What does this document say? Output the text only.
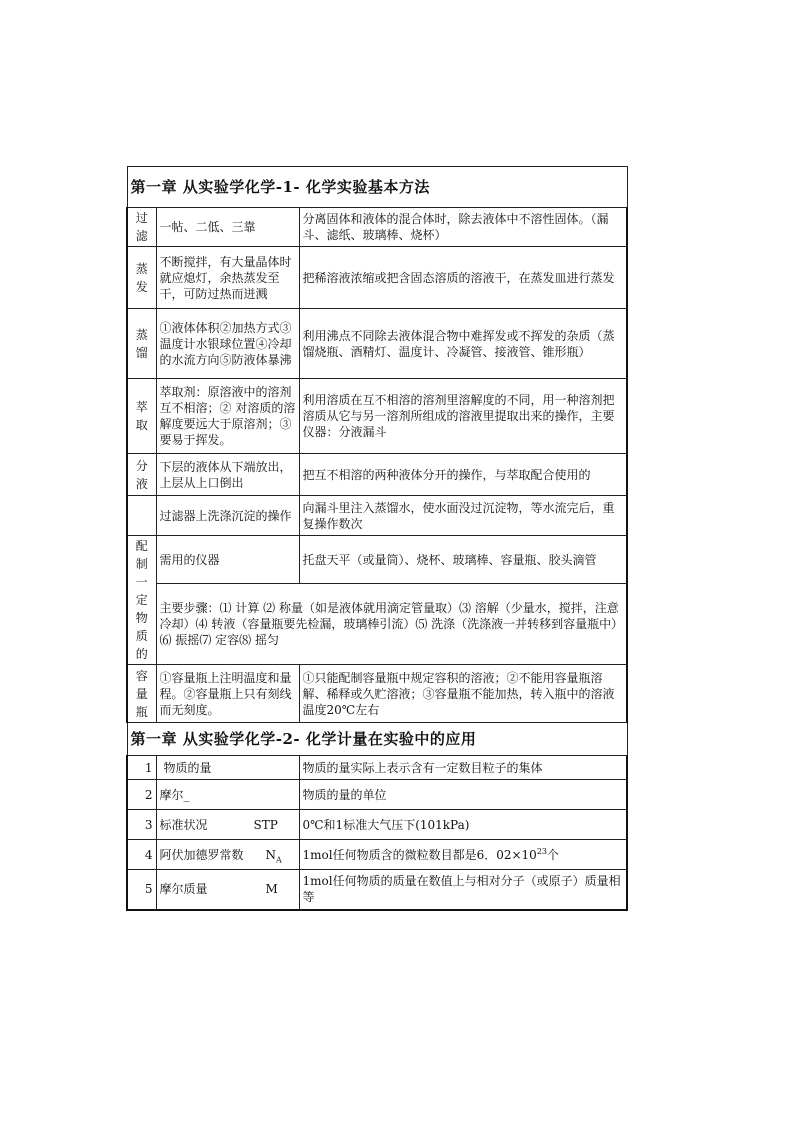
第一章 从实验学化学-1- 化学实验基本方法		

过滤	一帖、二低、三靠	分离固体和液体的混合体时，除去液体中不溶性固体。（漏斗、滤纸、玻璃棒、烧杯）

蒸发	不断搅拌，有大量晶体时就应熄灯，余热蒸发至干，可防过热而迸溅	把稀溶液浓缩或把含固态溶质的溶液干，在蒸发皿进行蒸发

蒸馏	①液体体积②加热方式③温度计水银球位置④冷却的水流方向⑤防液体暴沸	利用沸点不同除去液体混合物中难挥发或不挥发的杂质（蒸馏烧瓶、酒精灯、温度计、冷凝管、接液管、锥形瓶）

萃取	萃取剂：原溶液中的溶剂互不相溶；② 对溶质的溶解度要远大于原溶剂；③ 要易于挥发。	利用溶质在互不相溶的溶剂里溶解度的不同，用一种溶剂把溶质从它与另一溶剂所组成的溶液里提取出来的操作，主要仪器：分液漏斗

分液	下层的液体从下端放出，上层从上口倒出	把互不相溶的两种液体分开的操作，与萃取配合使用的

	过滤器上洗涤沉淀的操作	向漏斗里注入蒸馏水，使水面没过沉淀物，等水流完后，重复操作数次

配制一定物质的	需用的仪器	托盘天平（或量筒）、烧杯、玻璃棒、容量瓶、胶头滴管
	主要步骤：⑴ 计算 ⑵ 称量（如是液体就用滴定管量取）⑶ 溶解（少量水，搅拌，注意冷却）⑷ 转液（容量瓶要先检漏，玻璃棒引流）⑸ 洗涤（洗涤液一并转移到容量瓶中）⑹ 振摇⑺ 定容⑻ 摇匀	

容量瓶	①容量瓶上注明温度和量程。②容量瓶上只有刻线而无刻度。	①只能配制容量瓶中规定容积的溶液；②不能用容量瓶溶解、稀释或久贮溶液；③容量瓶不能加热，转入瓶中的溶液温度20℃左右
第一章 从实验学化学-2- 化学计量在实验中的应用		
1	物质的量	物质的量实际上表示含有一定数目粒子的集体
2	摩尔_	物质的量的单位
3	标准状况 STP	0℃和1标准大气压下(101kPa)
4	阿伏加德罗常数 $N_A$	1mol任何物质含的微粒数目都是6．$02\times 10^{23}$个
5	摩尔质量 M	1mol任何物质的质量在数值上与相对分子（或原子）质量相等
